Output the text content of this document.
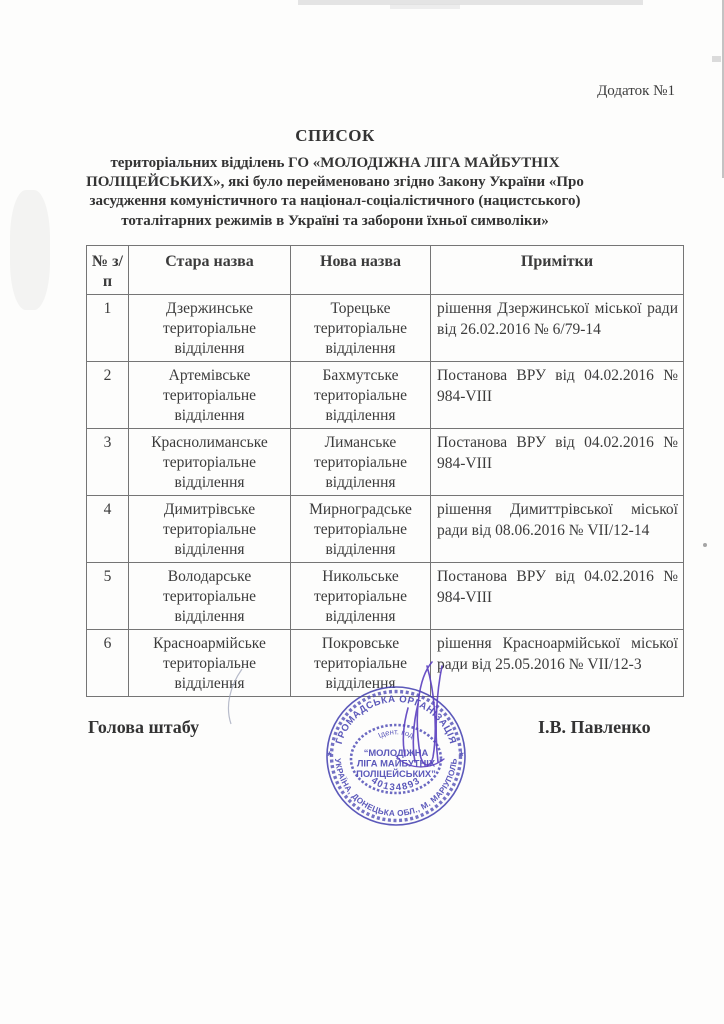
Додаток №1

СПИСОК

територіальних відділень ГО «МОЛОДІЖНА ЛІГА МАЙБУТНІХ ПОЛІЦЕЙСЬКИХ», які було перейменовано згідно Закону України «Про засудження комуністичного та націонал-соціалістичного (нацистського) тоталітарних режимів в Україні та заборони їхньої символіки»

№ з/п	Стара назва	Нова назва	Примітки
1	Дзержинське територіальне відділення	Торецьке територіальне відділення	рішення Дзержинської міської ради від 26.02.2016 № 6/79-14
2	Артемівське територіальне відділення	Бахмутське територіальне відділення	Постанова ВРУ від 04.02.2016 № 984-VIII
3	Краснолиманське територіальне відділення	Лиманське територіальне відділення	Постанова ВРУ від 04.02.2016 № 984-VIII
4	Димитрівське територіальне відділення	Мирноградське територіальне відділення	рішення Димиттрівської міської ради від 08.06.2016 № VII/12-14
5	Володарське територіальне відділення	Никольське територіальне відділення	Постанова ВРУ від 04.02.2016 № 984-VIII
6	Красноармійське територіальне відділення	Покровське територіальне відділення	рішення Красноармійської міської ради від 25.05.2016 № VII/12-3
Голова штабу	І.В. Павленко
ГРОМАДСЬКА ОРГАНІЗАЦІЯ
УКРАЇНА, ДОНЕЦЬКА ОБЛ., М. МАРІУПОЛЬ
*	*
Ідент. код
“МОЛОДІЖНА
ЛІГА МАЙБУТНІХ
ПОЛІЦЕЙСЬКИХ”
40134893
